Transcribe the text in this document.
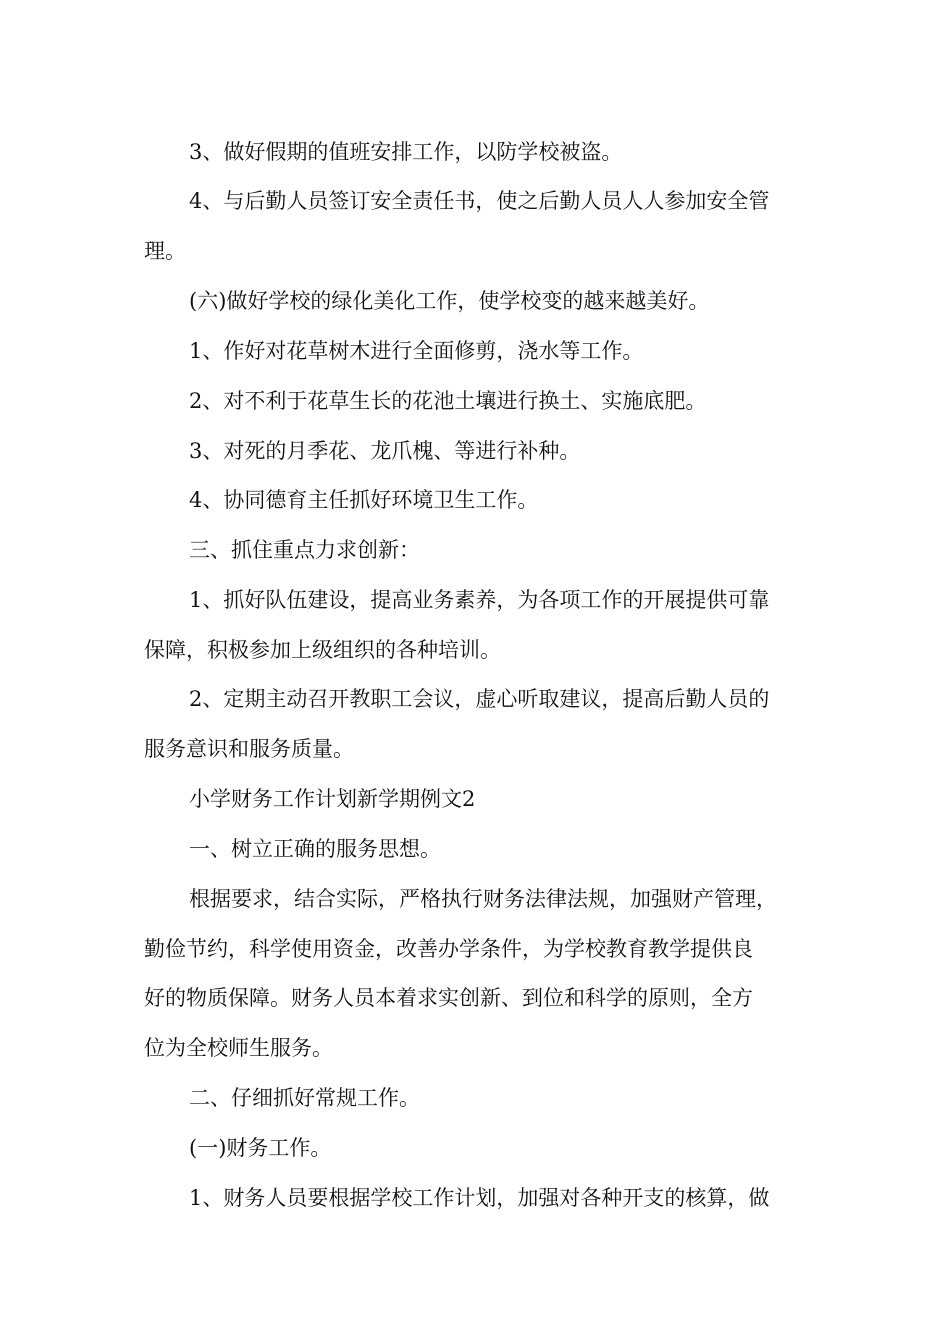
3、做好假期的值班安排工作，以防学校被盗。
4、与后勤人员签订安全责任书，使之后勤人员人人参加安全管
理。
(六)做好学校的绿化美化工作，使学校变的越来越美好。
1、作好对花草树木进行全面修剪，浇水等工作。
2、对不利于花草生长的花池土壤进行换土、实施底肥。
3、对死的月季花、龙爪槐、等进行补种。
4、协同德育主任抓好环境卫生工作。
三、抓住重点力求创新：
1、抓好队伍建设，提高业务素养，为各项工作的开展提供可靠
保障，积极参加上级组织的各种培训。
2、定期主动召开教职工会议，虚心听取建议，提高后勤人员的
服务意识和服务质量。
小学财务工作计划新学期例文2
一、树立正确的服务思想。
根据要求，结合实际，严格执行财务法律法规，加强财产管理，
勤俭节约，科学使用资金，改善办学条件，为学校教育教学提供良
好的物质保障。财务人员本着求实创新、到位和科学的原则，全方
位为全校师生服务。
二、仔细抓好常规工作。
(一)财务工作。
1、财务人员要根据学校工作计划，加强对各种开支的核算，做
